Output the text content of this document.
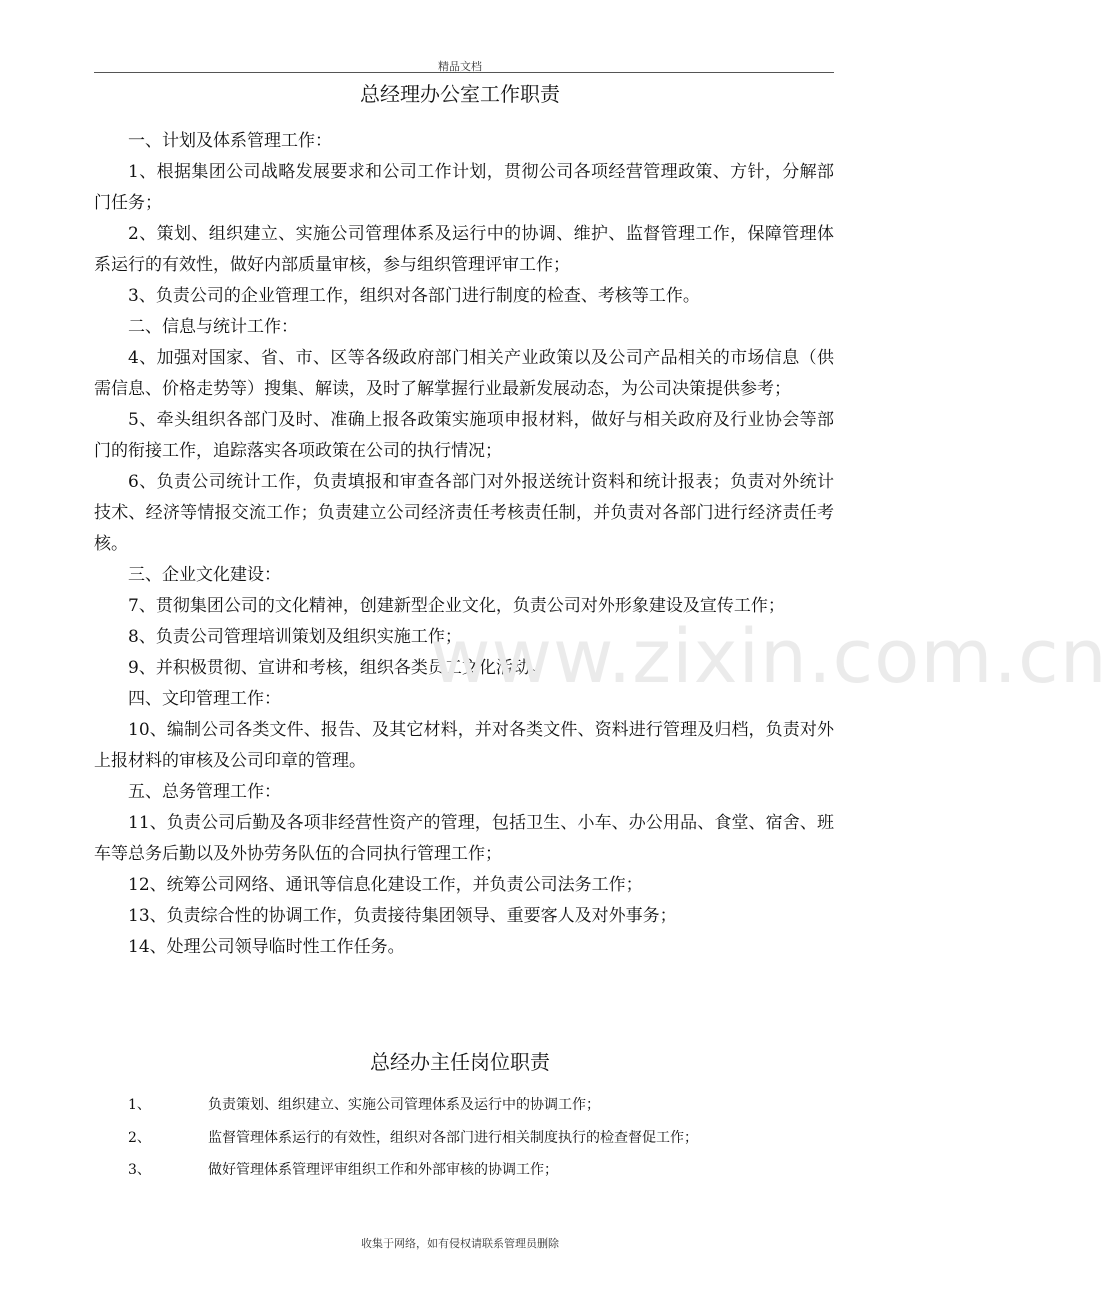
精品文档
总经理办公室工作职责

一、计划及体系管理工作：

1、根据集团公司战略发展要求和公司工作计划，贯彻公司各项经营管理政策、方针，分解部门任务；

2、策划、组织建立、实施公司管理体系及运行中的协调、维护、监督管理工作，保障管理体系运行的有效性，做好内部质量审核，参与组织管理评审工作；

3、负责公司的企业管理工作，组织对各部门进行制度的检查、考核等工作。

二、信息与统计工作：

4、加强对国家、省、市、区等各级政府部门相关产业政策以及公司产品相关的市场信息（供需信息、价格走势等）搜集、解读，及时了解掌握行业最新发展动态，为公司决策提供参考；

5、牵头组织各部门及时、准确上报各政策实施项申报材料，做好与相关政府及行业协会等部门的衔接工作，追踪落实各项政策在公司的执行情况；

6、负责公司统计工作，负责填报和审查各部门对外报送统计资料和统计报表；负责对外统计技术、经济等情报交流工作；负责建立公司经济责任考核责任制，并负责对各部门进行经济责任考核。

三、企业文化建设：

7、贯彻集团公司的文化精神，创建新型企业文化，负责公司对外形象建设及宣传工作；

8、负责公司管理培训策划及组织实施工作；

9、并积极贯彻、宣讲和考核，组织各类员工文化活动。

四、文印管理工作：

10、编制公司各类文件、报告、及其它材料，并对各类文件、资料进行管理及归档，负责对外上报材料的审核及公司印章的管理。

五、总务管理工作：

11、负责公司后勤及各项非经营性资产的管理，包括卫生、小车、办公用品、食堂、宿舍、班车等总务后勤以及外协劳务队伍的合同执行管理工作；

12、统筹公司网络、通讯等信息化建设工作，并负责公司法务工作；

13、负责综合性的协调工作，负责接待集团领导、重要客人及对外事务；

14、处理公司领导临时性工作任务。

www.zixin.com.cn
总经办主任岗位职责
1、	负责策划、组织建立、实施公司管理体系及运行中的协调工作；
2、	监督管理体系运行的有效性，组织对各部门进行相关制度执行的检查督促工作；
3、	做好管理体系管理评审组织工作和外部审核的协调工作；
收集于网络，如有侵权请联系管理员删除
